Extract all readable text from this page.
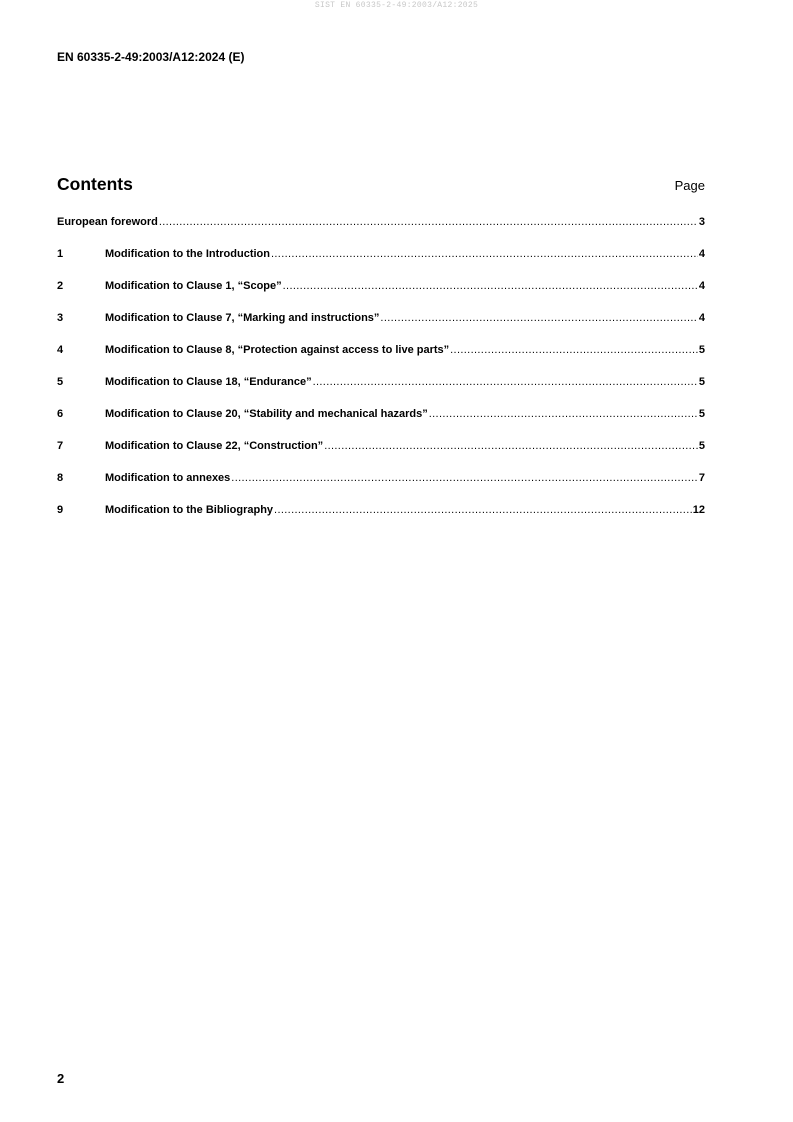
SIST EN 60335-2-49:2003/A12:2025
EN 60335-2-49:2003/A12:2024 (E)
Contents	Page
European foreword .....	3
1	Modification to the Introduction .....	4
2	Modification to Clause 1, “Scope” .....	4
3	Modification to Clause 7, “Marking and instructions” .....	4
4	Modification to Clause 8, “Protection against access to live parts” .....	5
5	Modification to Clause 18, “Endurance” .....	5
6	Modification to Clause 20, “Stability and mechanical hazards” .....	5
7	Modification to Clause 22, “Construction” .....	5
8	Modification to annexes .....	7
9	Modification to the Bibliography .....	12
2
